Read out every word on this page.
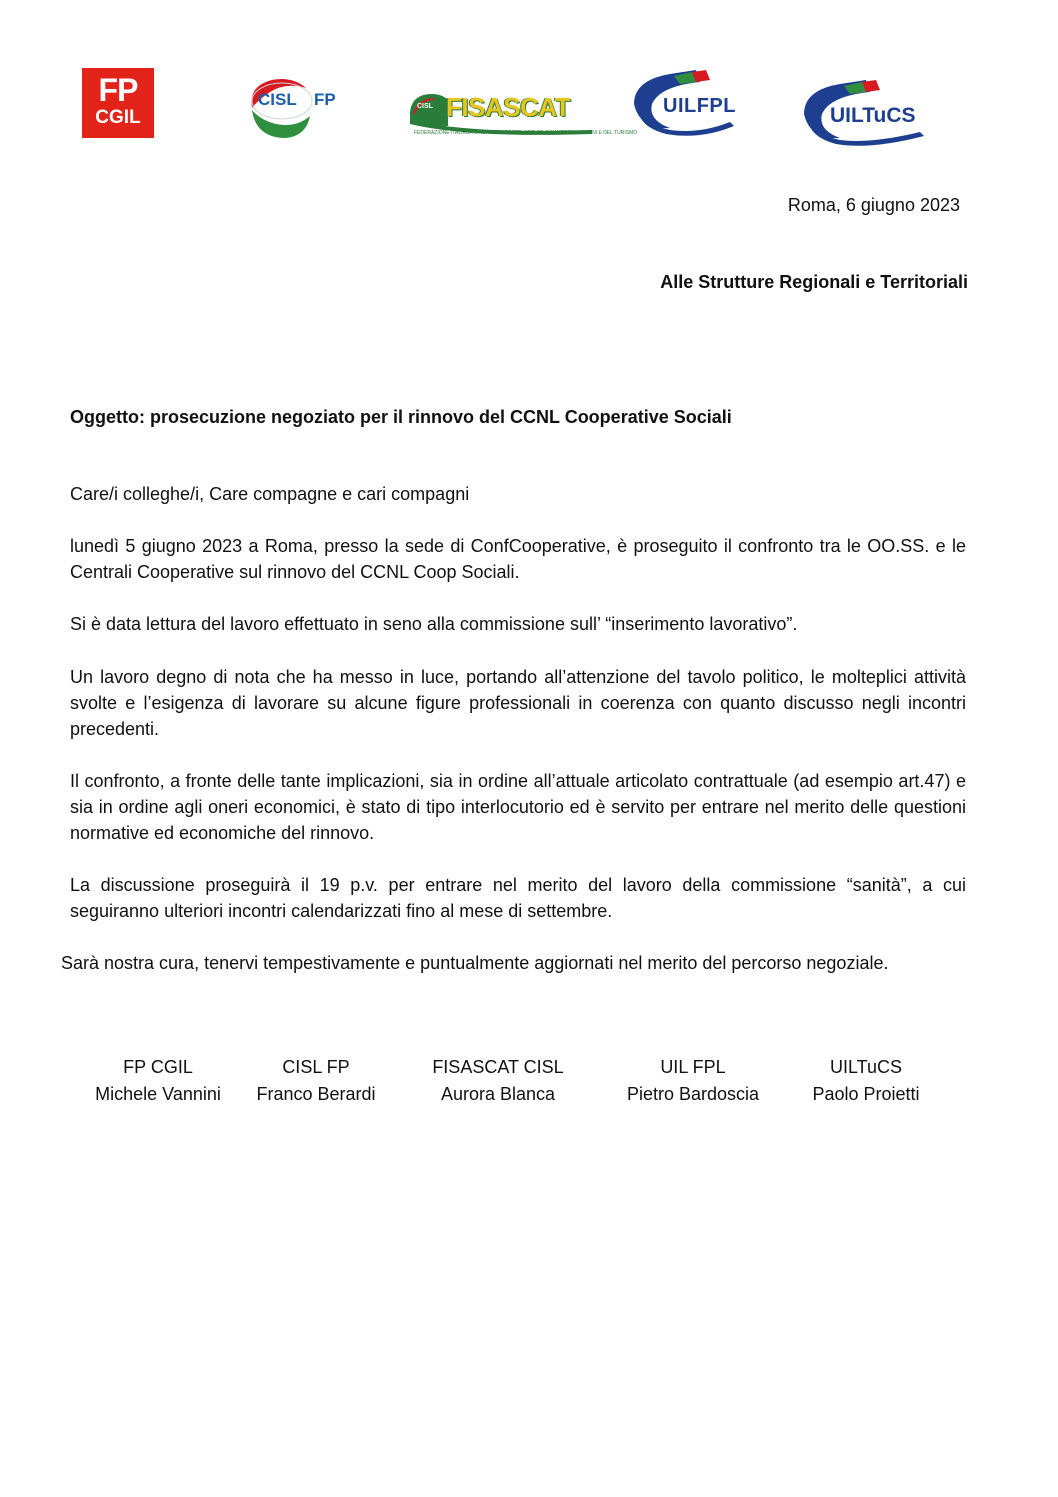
FP
CGIL
CISL FP	CISL FISASCAT
FEDERAZIONE ITALIANA SINDACATI ADDETTI SERVIZI COMMERCIALI AFFINI E DEL TURISMO
UILFPL	UILTuCS
Roma, 6 giugno 2023
Alle Strutture Regionali e Territoriali
Oggetto: prosecuzione negoziato per il rinnovo del CCNL Cooperative Sociali
Care/i colleghe/i, Care compagne e cari compagni
lunedì 5 giugno 2023 a Roma, presso la sede di ConfCooperative, è proseguito il confronto tra le OO.SS. e le Centrali Cooperative sul rinnovo del CCNL Coop Sociali.
Si è data lettura del lavoro effettuato in seno alla commissione sull’ “inserimento lavorativo”.
Un lavoro degno di nota che ha messo in luce, portando all’attenzione del tavolo politico, le molteplici attività svolte e l’esigenza di lavorare su alcune figure professionali in coerenza con quanto discusso negli incontri precedenti.
Il confronto, a fronte delle tante implicazioni, sia in ordine all’attuale articolato contrattuale (ad esempio art.47) e sia in ordine agli oneri economici, è stato di tipo interlocutorio ed è servito per entrare nel merito delle questioni normative ed economiche del rinnovo.
La discussione proseguirà il 19 p.v. per entrare nel merito del lavoro della commissione “sanità”, a cui seguiranno ulteriori incontri calendarizzati fino al mese di settembre.
Sarà nostra cura, tenervi tempestivamente e puntualmente aggiornati nel merito del percorso negoziale.
FP CGIL
Michele Vannini
CISL FP
Franco Berardi
FISASCAT CISL
Aurora Blanca
UIL FPL
Pietro Bardoscia
UILTuCS
Paolo Proietti
